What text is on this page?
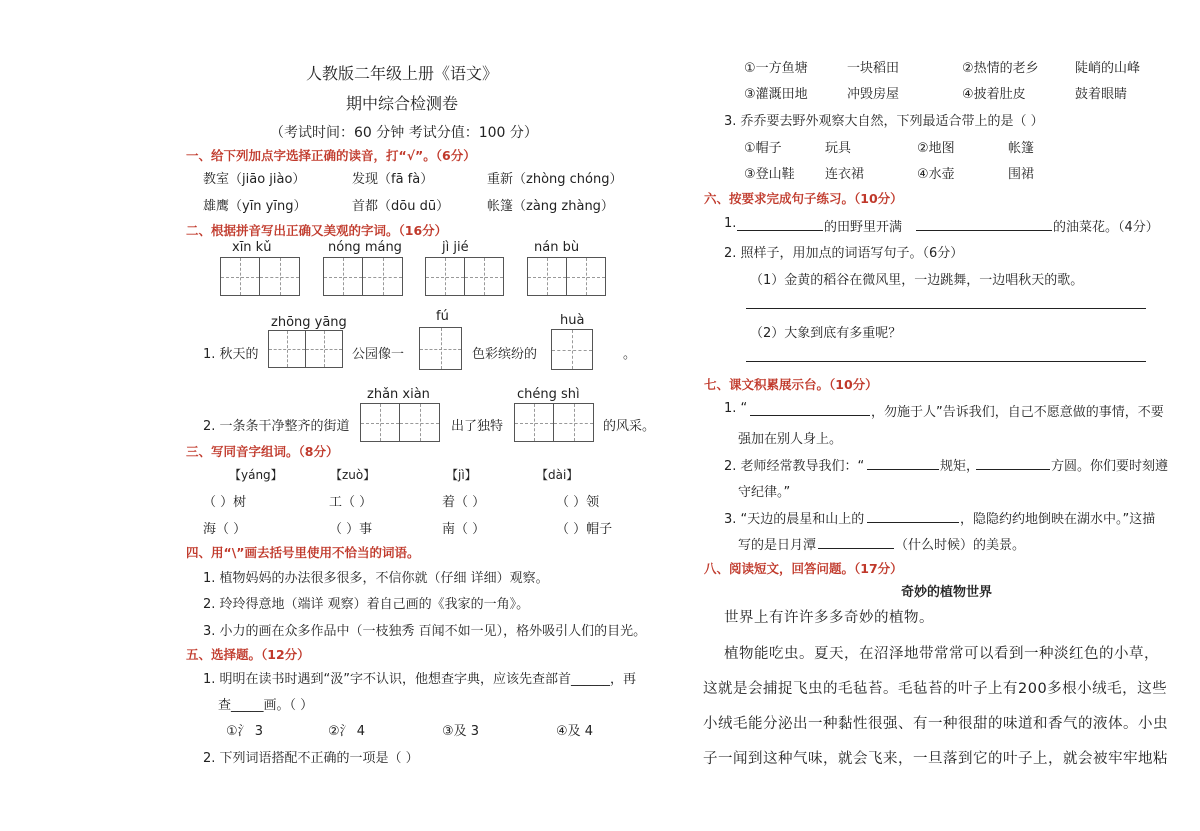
人教版二年级上册《语文》
期中综合检测卷
（考试时间：60 分钟 考试分值：100 分）
一、给下列加点字选择正确的读音，打“√”。（6分）
教室（jiāo jiào）	发现（fā fà）	重新（zhòng chóng）
雄鹰（yīn yīng）	首都（dōu dū）	帐篷（zàng zhàng）
二、根据拼音写出正确又美观的字词。（16分）
xīn kǔ	nóng máng	jì jié	nán bù
zhōng yāng	fú	huà
1. 秋天的	公园像一	色彩缤纷的	。
zhǎn xiàn	chéng shì
2. 一条条干净整齐的街道	出了独特	的风采。
三、写同音字组词。（8分）
【yáng】	【zuò】	【jì】	【dài】
（ ）树	工（ ）	着（ ）	（ ）领
海（ ）	（ ）事	南（ ）	（ ）帽子
四、用“\”画去括号里使用不恰当的词语。
1. 植物妈妈的办法很多很多，不信你就（仔细 详细）观察。
2. 玲玲得意地（端详 观察）着自己画的《我家的一角》。
3. 小力的画在众多作品中（一枝独秀 百闻不如一见），格外吸引人们的目光。
五、选择题。（12分）
1. 明明在读书时遇到“汲”字不认识，他想查字典，应该先查部首______，再
查_____画。（ ）
①氵 3	②氵 4	③及 3	④及 4
2. 下列词语搭配不正确的一项是（ ）
①一方鱼塘	一块稻田	②热情的老乡	陡峭的山峰
③灌溉田地	冲毁房屋	④披着肚皮	鼓着眼睛
3. 乔乔要去野外观察大自然，下列最适合带上的是（ ）
①帽子	玩具	②地图	帐篷
③登山鞋 连衣裙	④水壶	围裙
六、按要求完成句子练习。（10分）
1.	的田野里开满	的油菜花。（4分）
2. 照样子，用加点的词语写句子。（6分）
（1）金黄的稻谷在微风里，一边跳舞，一边唱秋天的歌。
（2）大象到底有多重呢？
七、课文积累展示台。（10分）
1. “	，勿施于人”告诉我们，自己不愿意做的事情，不要
强加在别人身上。
2. 老师经常教导我们：“	规矩，	方圆。你们要时刻遵
守纪律。”
3. “天边的晨星和山上的	，隐隐约约地倒映在湖水中。”这描
写的是日月潭	（什么时候）的美景。
八、阅读短文，回答问题。（17分）
奇妙的植物世界
世界上有许许多多奇妙的植物。
植物能吃虫。夏天，在沼泽地带常常可以看到一种淡红色的小草，
这就是会捕捉飞虫的毛毡苔。毛毡苔的叶子上有200多根小绒毛，这些
小绒毛能分泌出一种黏性很强、有一种很甜的味道和香气的液体。小虫
子一闻到这种气味，就会飞来，一旦落到它的叶子上，就会被牢牢地粘
